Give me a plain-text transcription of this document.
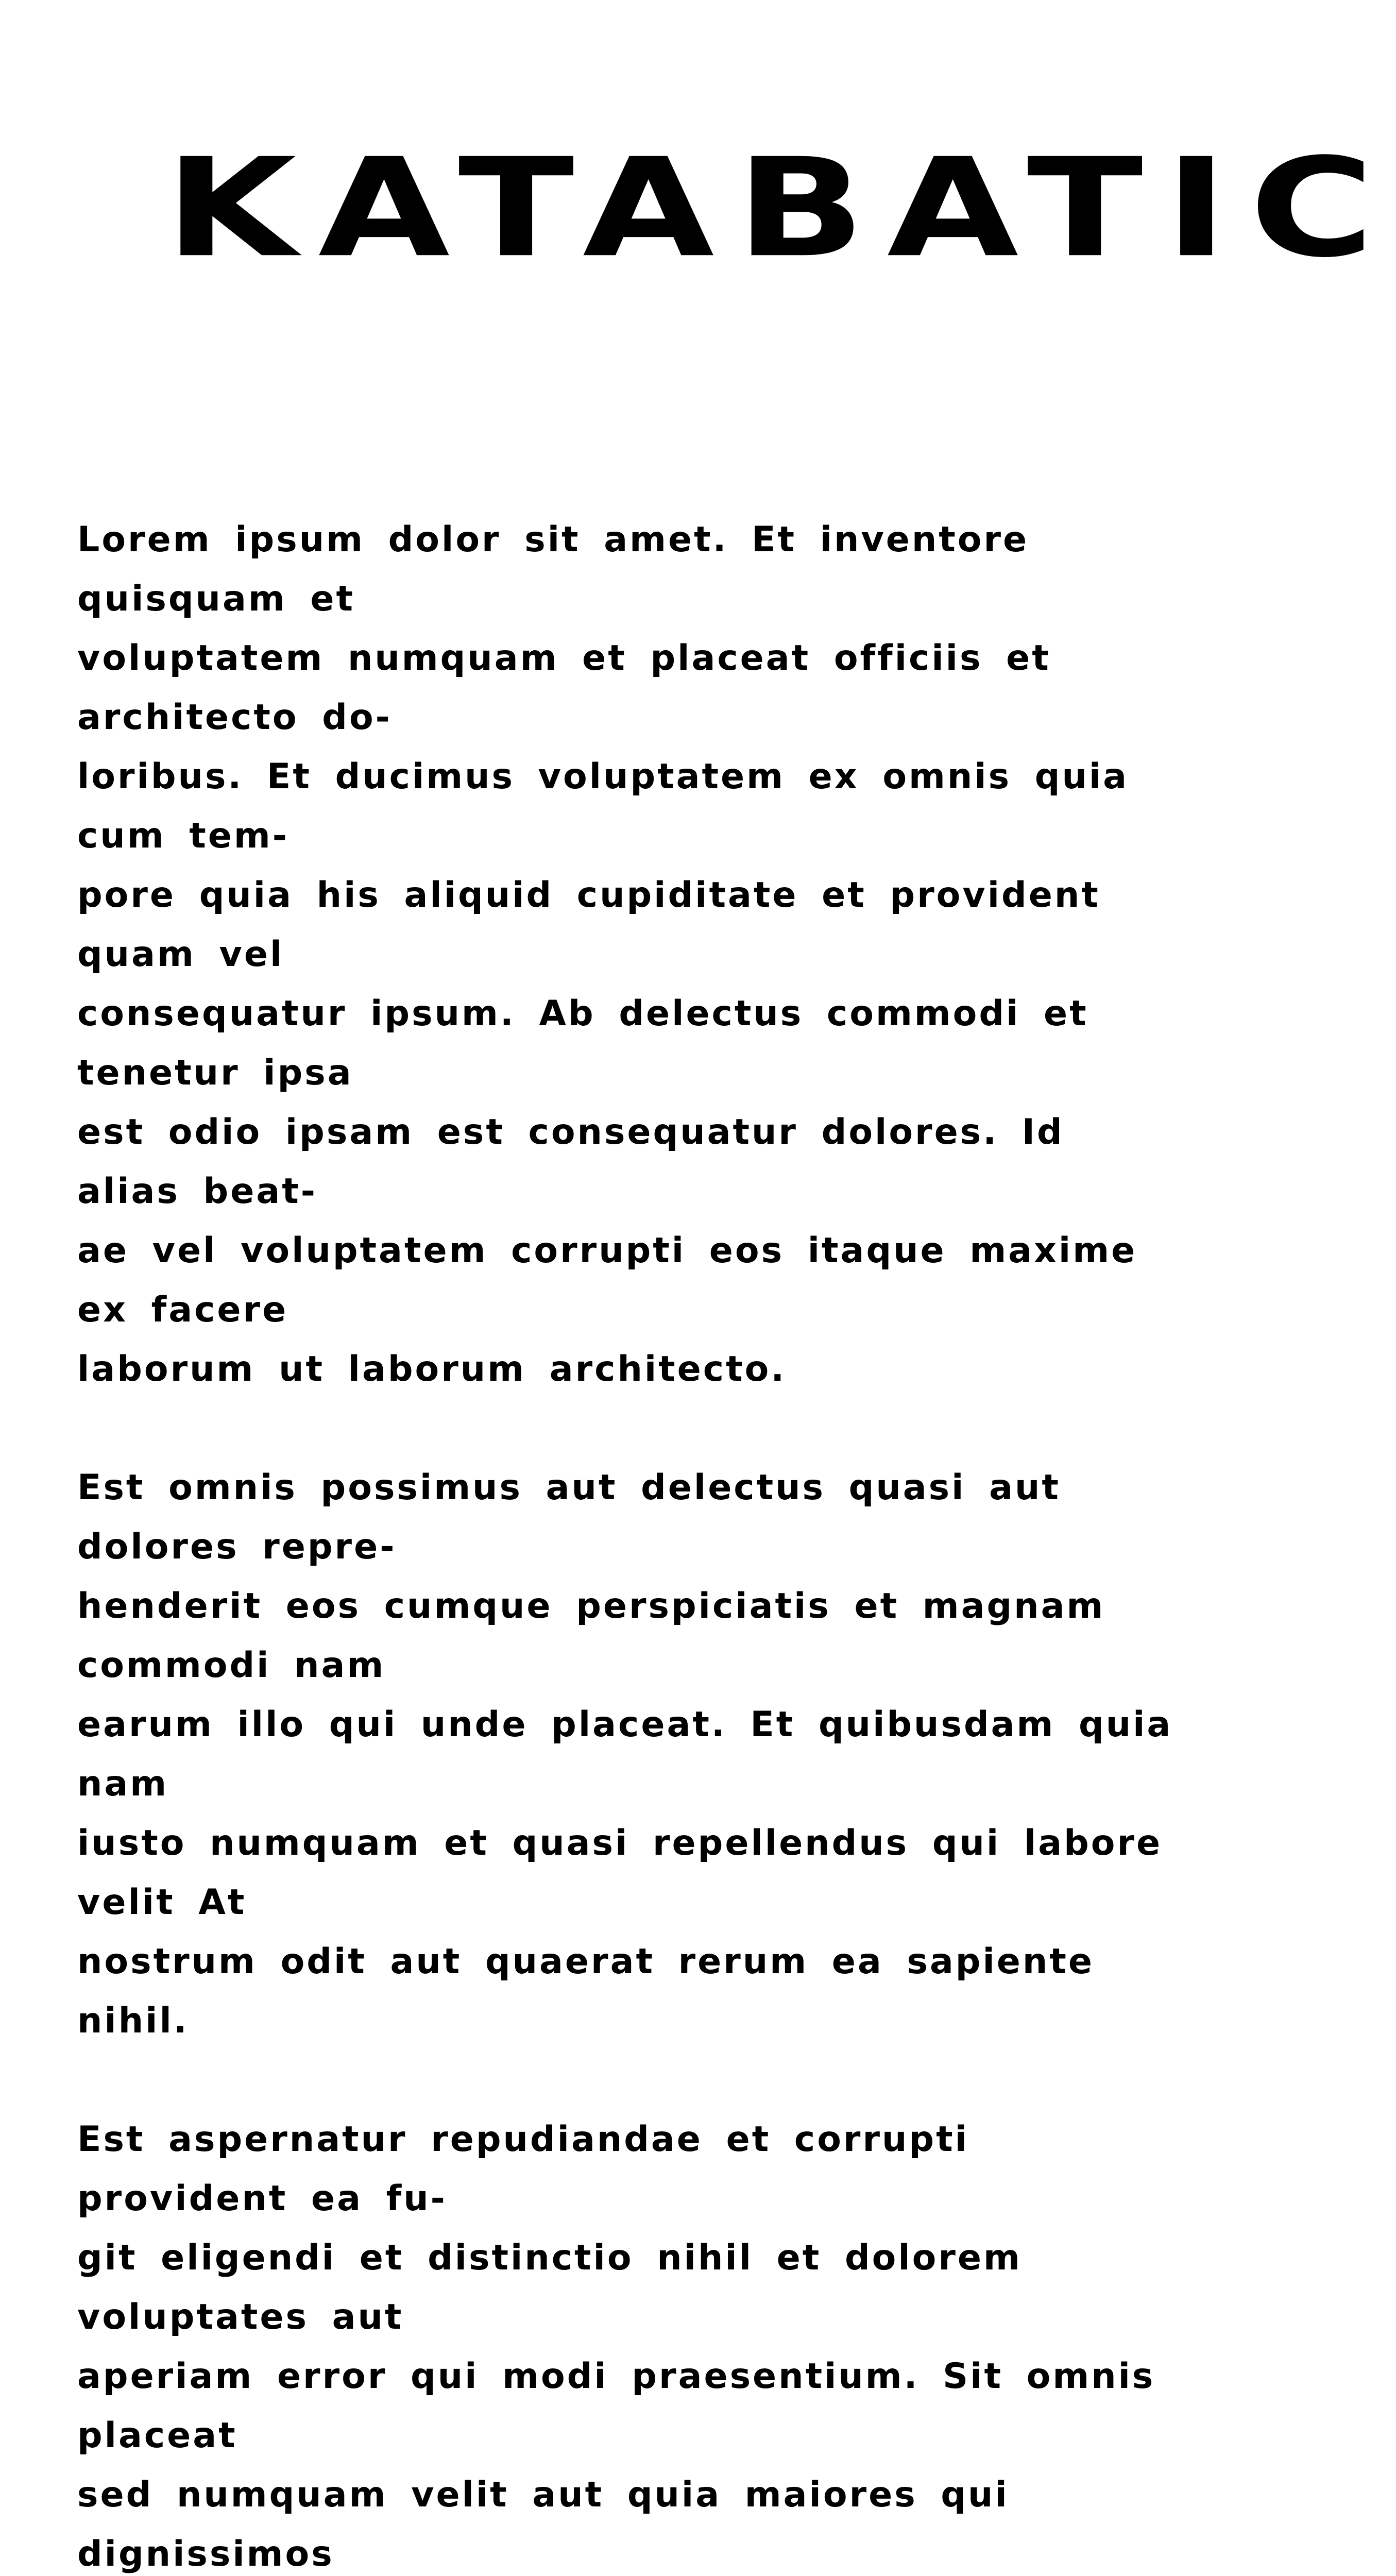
KATABATIC

Lorem ipsum dolor sit amet. Et inventore quisquam et
voluptatem numquam et placeat officiis et architecto do-
loribus. Et ducimus voluptatem ex omnis quia cum tem-
pore quia his aliquid cupiditate et provident quam vel
consequatur ipsum. Ab delectus commodi et tenetur ipsa
est odio ipsam est consequatur dolores. Id alias beat-
ae vel voluptatem corrupti eos itaque maxime ex facere
laborum ut laborum architecto.

Est omnis possimus aut delectus quasi aut dolores repre-
henderit eos cumque perspiciatis et magnam commodi nam
earum illo qui unde placeat. Et quibusdam quia nam
iusto numquam et quasi repellendus qui labore velit At
nostrum odit aut quaerat rerum ea sapiente nihil.

Est aspernatur repudiandae et corrupti provident ea fu-
git eligendi et distinctio nihil et dolorem voluptates aut
aperiam error qui modi praesentium. Sit omnis placeat
sed numquam velit aut quia maiores qui dignissimos
